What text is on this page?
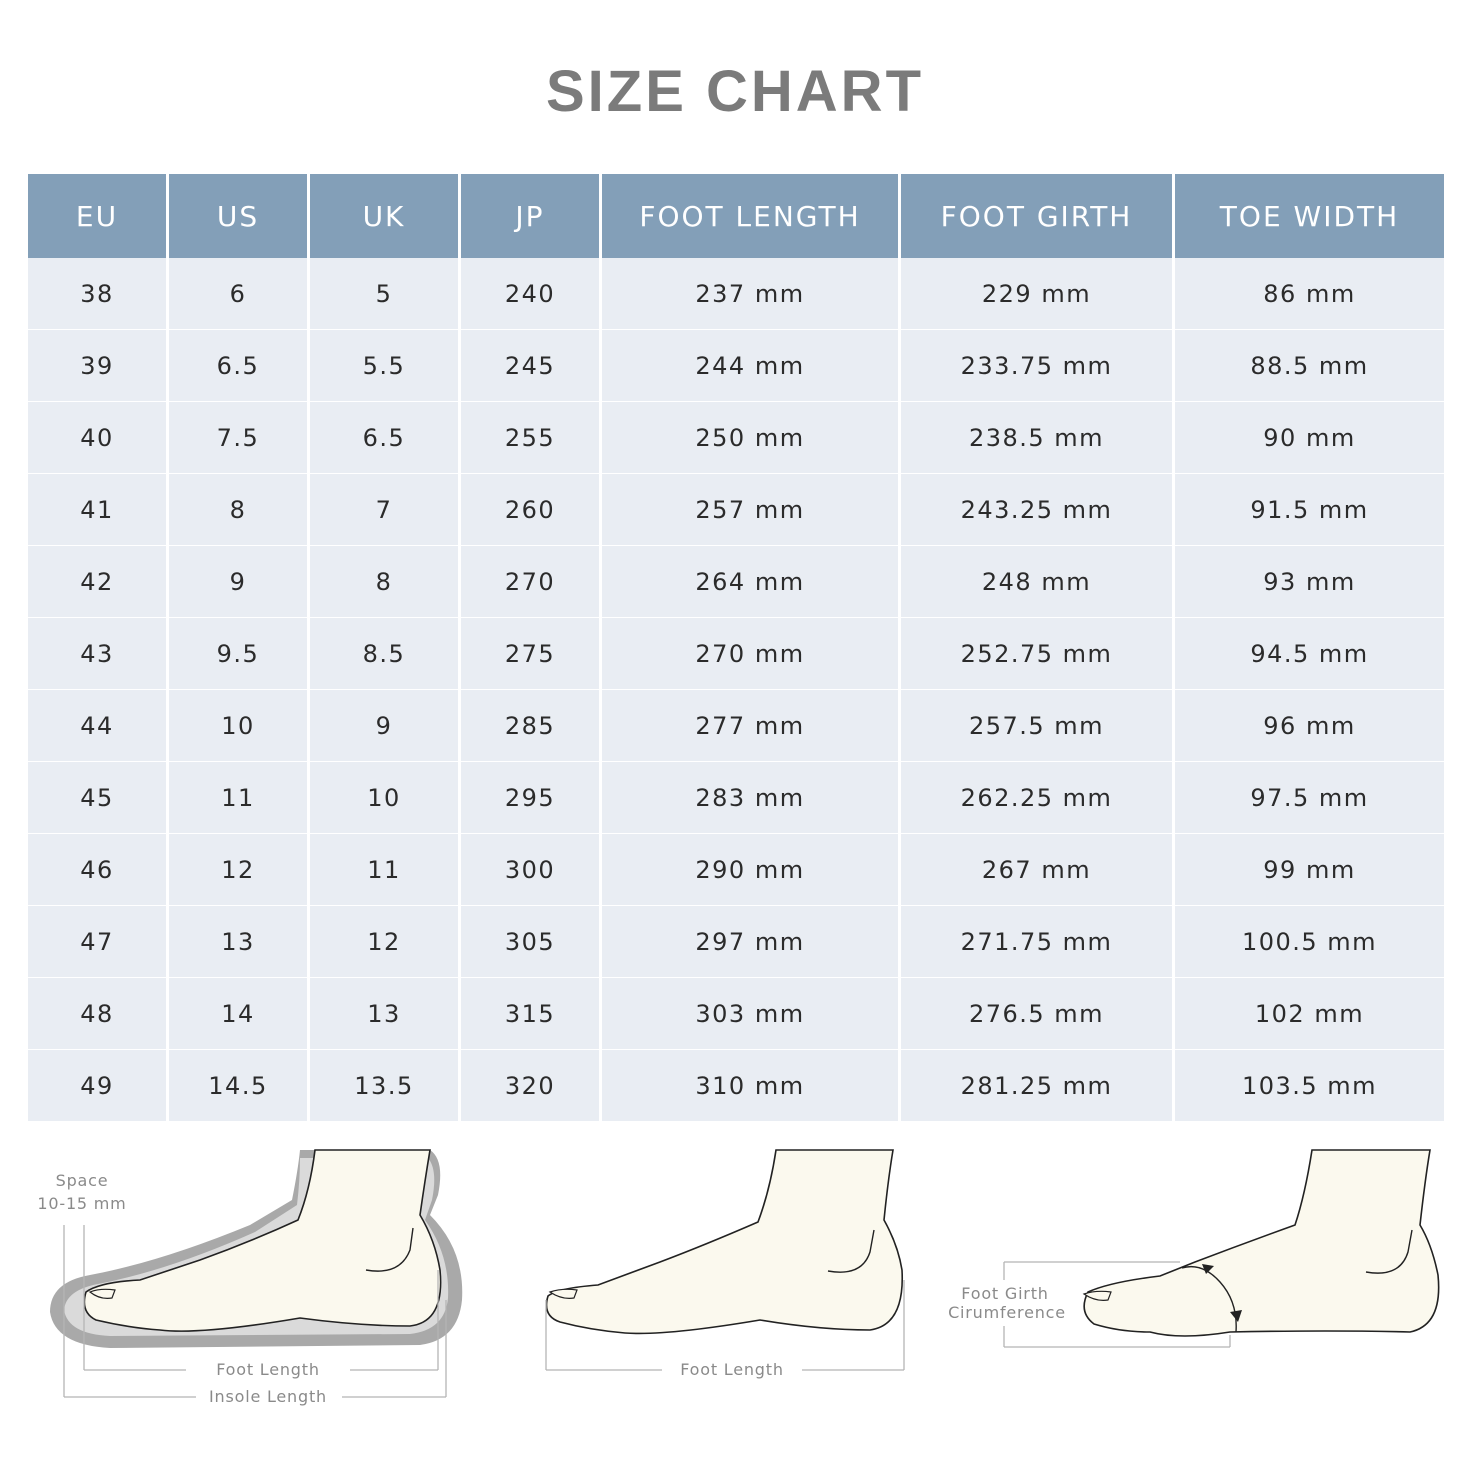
SIZE CHART
EU	US	UK	JP	FOOT LENGTH	FOOT GIRTH	TOE WIDTH
38	6	5	240	237 mm	229 mm	86 mm
39	6.5	5.5	245	244 mm	233.75 mm	88.5 mm
40	7.5	6.5	255	250 mm	238.5 mm	90 mm
41	8	7	260	257 mm	243.25 mm	91.5 mm
42	9	8	270	264 mm	248 mm	93 mm
43	9.5	8.5	275	270 mm	252.75 mm	94.5 mm
44	10	9	285	277 mm	257.5 mm	96 mm
45	11	10	295	283 mm	262.25 mm	97.5 mm
46	12	11	300	290 mm	267 mm	99 mm
47	13	12	305	297 mm	271.75 mm	100.5 mm
48	14	13	315	303 mm	276.5 mm	102 mm
49	14.5	13.5	320	310 mm	281.25 mm	103.5 mm
Space
10-15 mm
Foot Length
Insole Length
Foot Length
Foot Girth
Cirumference
